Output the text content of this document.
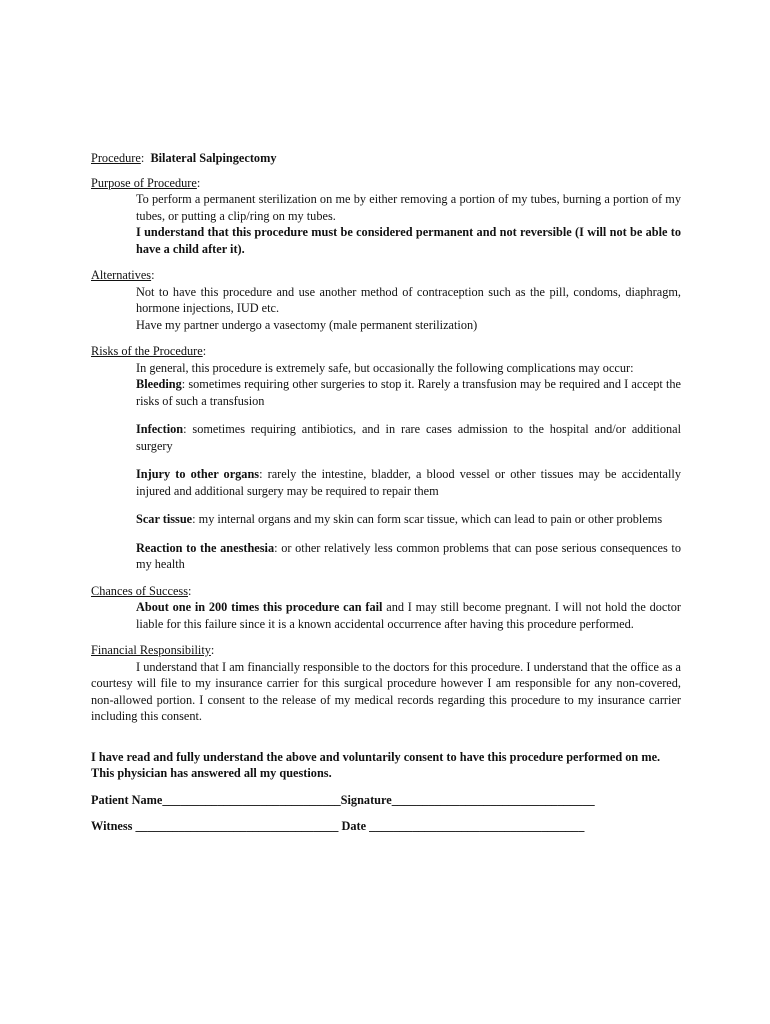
Procedure:  Bilateral Salpingectomy
Purpose of Procedure:

To perform a permanent sterilization on me by either removing a portion of my tubes, burning a portion of my tubes, or putting a clip/ring on my tubes.

I understand that this procedure must be considered permanent and not reversible (I will not be able to have a child after it).

Alternatives:

Not to have this procedure and use another method of contraception such as the pill, condoms, diaphragm, hormone injections, IUD etc.

Have my partner undergo a vasectomy (male permanent sterilization)

Risks of the Procedure:

In general, this procedure is extremely safe, but occasionally the following complications may occur:

Bleeding: sometimes requiring other surgeries to stop it. Rarely a transfusion may be required and I accept the risks of such a transfusion

Infection: sometimes requiring antibiotics, and in rare cases admission to the hospital and/or additional surgery

Injury to other organs: rarely the intestine, bladder, a blood vessel or other tissues may be accidentally injured and additional surgery may be required to repair them

Scar tissue: my internal organs and my skin can form scar tissue, which can lead to pain or other problems

Reaction to the anesthesia: or other relatively less common problems that can pose serious consequences to my health

Chances of Success:

About one in 200 times this procedure can fail and I may still become pregnant. I will not hold the doctor liable for this failure since it is a known accidental occurrence after having this procedure performed.

Financial Responsibility:
I understand that I am financially responsible to the doctors for this procedure. I understand that the office as a courtesy will file to my insurance carrier for this surgical procedure however I am responsible for any non-covered, non-allowed portion. I consent to the release of my medical records regarding this procedure to my insurance carrier including this consent.
I have read and fully understand the above and voluntarily consent to have this procedure performed on me. This physician has answered all my questions.
Patient Name_____________________________Signature_________________________________
Witness _________________________________ Date ___________________________________
